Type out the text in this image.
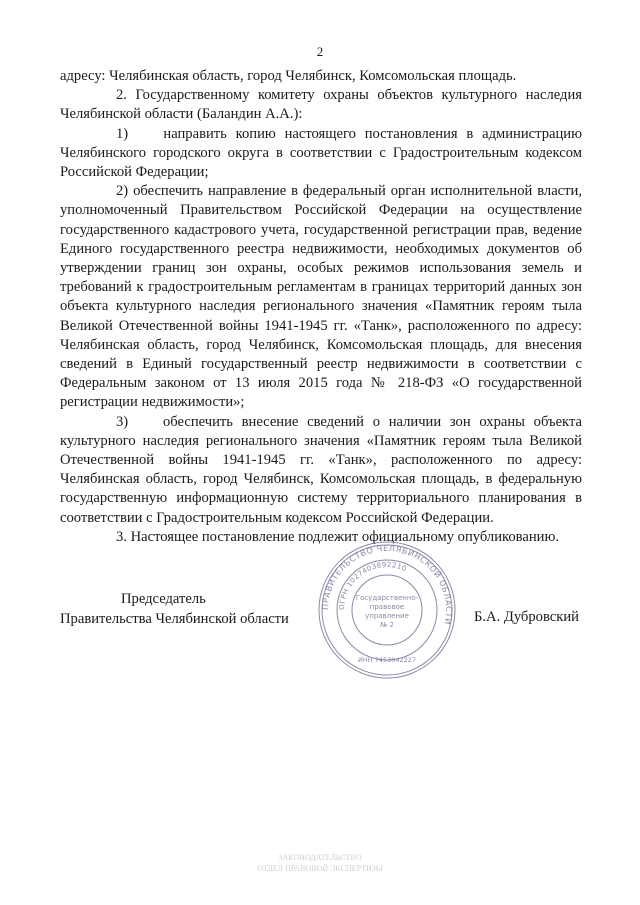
2

адресу: Челябинская область, город Челябинск, Комсомольская площадь.

2. Государственному комитету охраны объектов культурного наследия Челябинской области (Баландин А.А.):

1)    направить копию настоящего постановления в администрацию Челябинского городского округа в соответствии с Градостроительным кодексом Российской Федерации;

2) обеспечить направление в федеральный орган исполнительной власти, уполномоченный Правительством Российской Федерации на осуществление государственного кадастрового учета, государственной регистрации прав, ведение Единого государственного реестра недвижимости, необходимых документов об утверждении границ зон охраны, особых режимов использования земель и требований к градостроительным регламентам в границах территорий данных зон объекта культурного наследия регионального значения «Памятник героям тыла Великой Отечественной войны 1941-1945 гг. «Танк», расположенного по адресу: Челябинская область, город Челябинск, Комсомольская площадь, для внесения сведений в Единый государственный реестр недвижимости в соответствии с Федеральным законом от 13 июля 2015 года № 218-ФЗ «О государственной регистрации недвижимости»;

3)    обеспечить внесение сведений о наличии зон охраны объекта культурного наследия регионального значения «Памятник героям тыла Великой Отечественной войны 1941-1945 гг. «Танк», расположенного по адресу: Челябинская область, город Челябинск, Комсомольская площадь, в федеральную государственную информационную систему территориального планирования в соответствии с Градостроительным кодексом Российской Федерации.

3. Настоящее постановление подлежит официальному опубликованию.

Председатель
Правительства Челябинской области
ПРАВИТЕЛЬСТВО ЧЕЛЯБИНСКОЙ ОБЛАСТИ
ОГРН 1027403892210
ИНН 7453042227
Государственно-
правовое
управление
№ 2	Б.А. Дубровский
ЗАКОНОДАТЕЛЬСТВО
ОТДЕЛ ПРАВОВОЙ ЭКСПЕРТИЗЫ
